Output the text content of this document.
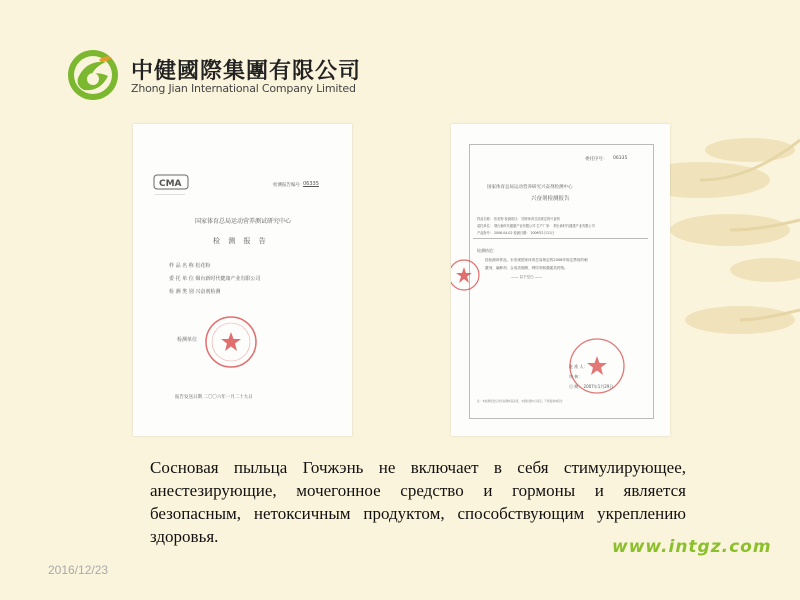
中健國際集團有限公司
Zhong Jian International Company Limited
CMA
——————————
检测报告编号：
06335
国家体育总局运动营养测试研究中心
检 测 报 告
样 品 名 称 松花粉
委 托 单 位 烟台新时代健康产业有限公司
检 测 类 别 兴奋剂检测
检测单位
报告发送日期 二〇〇六年一月二十九日
委托序号： 06335
国家体育总局运动营养研究兴奋剂检测中心
兴奋剂检测报告
样品名称： 松花粉 检测项目： 国家体育总局规定的兴奋剂
委托单位： 烟台新时代健康产业有限公司 生产厂家： 烟台新时代健康产业有限公司
产品批号： 2006-04-02 检测日期： 2006年1月11日
检测结论：
经检测该样品，未发现国家体育总局规定的2006年规定禁用的刺
激剂、麻醉剂、合成类固醇、利尿剂和激素类药物。
—— 以下空白 ——
批 准 人：
审 核：
日 期： 2007年1月29日
注：本检测报告仅对所检测样品负责，未经检测中心同意，不得复制本报告
Сосновая пыльца Гочжэнь не включает в себя стимулирующее, анестезирующие, мочегонное средство и гормоны и является безопасным, нетоксичным продуктом, способствующим укреплению здоровья.
2016/12/23
www.intgz.com
